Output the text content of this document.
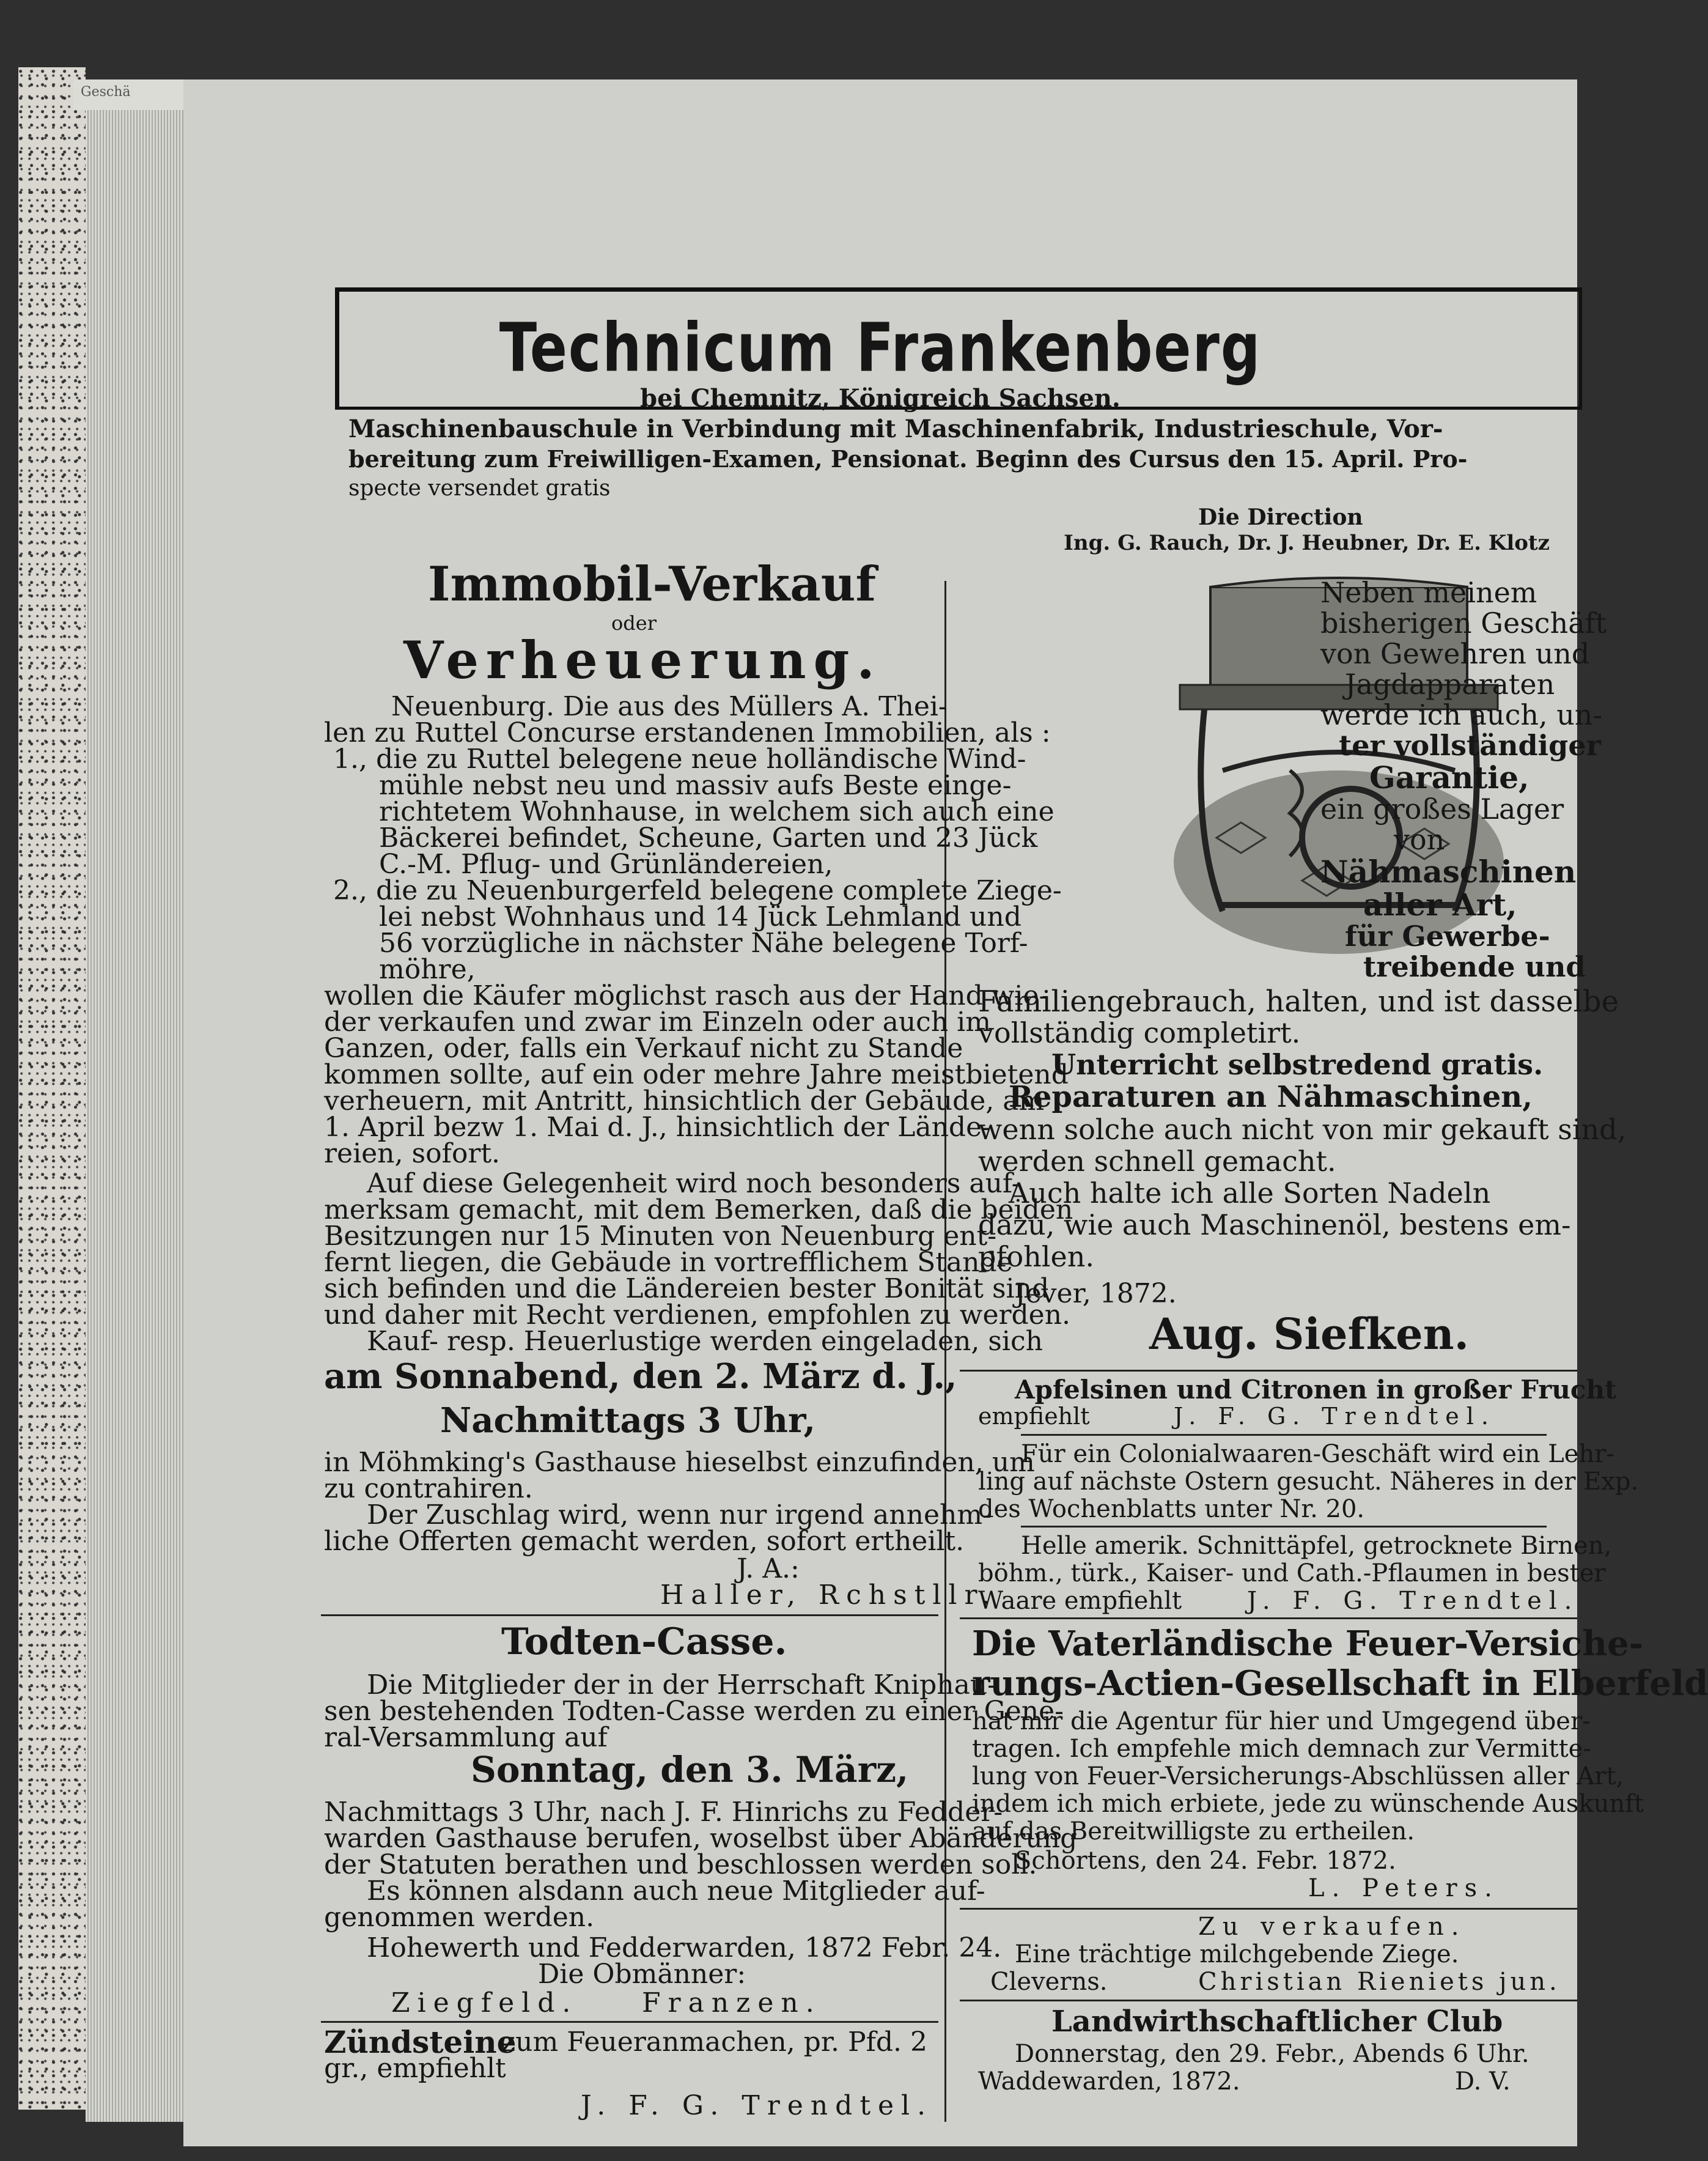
Geschä
Technicum Frankenberg
bei Chemnitz, Königreich Sachsen.
Maschinenbauschule in Verbindung mit Maschinenfabrik, Industrieschule, Vor-
bereitung zum Freiwilligen-Examen, Pensionat. Beginn des Cursus den 15. April. Pro-
specte versendet gratis
Die Direction
Ing. G. Rauch, Dr. J. Heubner, Dr. E. Klotz
Immobil-Verkauf
oder
Verheuerung.
Neuenburg. Die aus des Müllers A. Thei-
len zu Ruttel Concurse erstandenen Immobilien, als :
1., die zu Ruttel belegene neue holländische Wind-
mühle nebst neu und massiv aufs Beste einge-
richtetem Wohnhause, in welchem sich auch eine
Bäckerei befindet, Scheune, Garten und 23 Jück
C.-M. Pflug- und Grünländereien,
2., die zu Neuenburgerfeld belegene complete Ziege-
lei nebst Wohnhaus und 14 Jück Lehmland und
56 vorzügliche in nächster Nähe belegene Torf-
möhre,
wollen die Käufer möglichst rasch aus der Hand wie-
der verkaufen und zwar im Einzeln oder auch im
Ganzen, oder, falls ein Verkauf nicht zu Stande
kommen sollte, auf ein oder mehre Jahre meistbietend
verheuern, mit Antritt, hinsichtlich der Gebäude, am
1. April bezw 1. Mai d. J., hinsichtlich der Lände-
reien, sofort.
Auf diese Gelegenheit wird noch besonders auf-
merksam gemacht, mit dem Bemerken, daß die beiden
Besitzungen nur 15 Minuten von Neuenburg ent-
fernt liegen, die Gebäude in vortrefflichem Stande
sich befinden und die Ländereien bester Bonität sind
und daher mit Recht verdienen, empfohlen zu werden.
Kauf- resp. Heuerlustige werden eingeladen, sich
am Sonnabend, den 2. März d. J.,
Nachmittags 3 Uhr,
in Möhmking's Gasthause hieselbst einzufinden, um
zu contrahiren.
Der Zuschlag wird, wenn nur irgend annehm-
liche Offerten gemacht werden, sofort ertheilt.
J. A.:
Haller, Rchstllr.
Todten-Casse.
Die Mitglieder der in der Herrschaft Kniphau-
sen bestehenden Todten-Casse werden zu einer Gene-
ral-Versammlung auf
Sonntag, den 3. März,
Nachmittags 3 Uhr, nach J. F. Hinrichs zu Fedder-
warden Gasthause berufen, woselbst über Abänderung
der Statuten berathen und beschlossen werden soll.
Es können alsdann auch neue Mitglieder auf-
genommen werden.
Hohewerth und Fedderwarden, 1872 Febr. 24.
Die Obmänner:
Ziegfeld. Franzen.
Zündsteine
zum Feueranmachen, pr. Pfd. 2
gr., empfiehlt
J. F. G. Trendtel.
Neben meinem
bisherigen Geschäft
von Gewehren und
Jagdapparaten
werde ich auch, un-
ter vollständiger
Garantie,
ein großes Lager
von
Nähmaschinen
aller Art,
für Gewerbe-
treibende und
Familiengebrauch, halten, und ist dasselbe
vollständig completirt.
Unterricht selbstredend gratis.
Reparaturen an Nähmaschinen,
wenn solche auch nicht von mir gekauft sind,
werden schnell gemacht.
Auch halte ich alle Sorten Nadeln
dazu, wie auch Maschinenöl, bestens em-
pfohlen.
Jever, 1872.
Aug. Siefken.
Apfelsinen und Citronen in großer Frucht
empfiehlt	J. F. G. Trendtel.
Für ein Colonialwaaren-Geschäft wird ein Lehr-
ling auf nächste Ostern gesucht. Näheres in der Exp.
des Wochenblatts unter Nr. 20.
Helle amerik. Schnittäpfel, getrocknete Birnen,
böhm., türk., Kaiser- und Cath.-Pflaumen in bester
Waare empfiehlt	J. F. G. Trendtel.
Die Vaterländische Feuer-Versiche-
rungs-Actien-Gesellschaft in Elberfeld
hat mir die Agentur für hier und Umgegend über-
tragen. Ich empfehle mich demnach zur Vermitte-
lung von Feuer-Versicherungs-Abschlüssen aller Art,
indem ich mich erbiete, jede zu wünschende Auskunft
auf das Bereitwilligste zu ertheilen.
Schortens, den 24. Febr. 1872.
L. Peters.
Zu verkaufen.
Eine trächtige milchgebende Ziege.
Cleverns.	Christian Rieniets jun.
Landwirthschaftlicher Club
Donnerstag, den 29. Febr., Abends 6 Uhr.
Waddewarden, 1872.	D. V.
